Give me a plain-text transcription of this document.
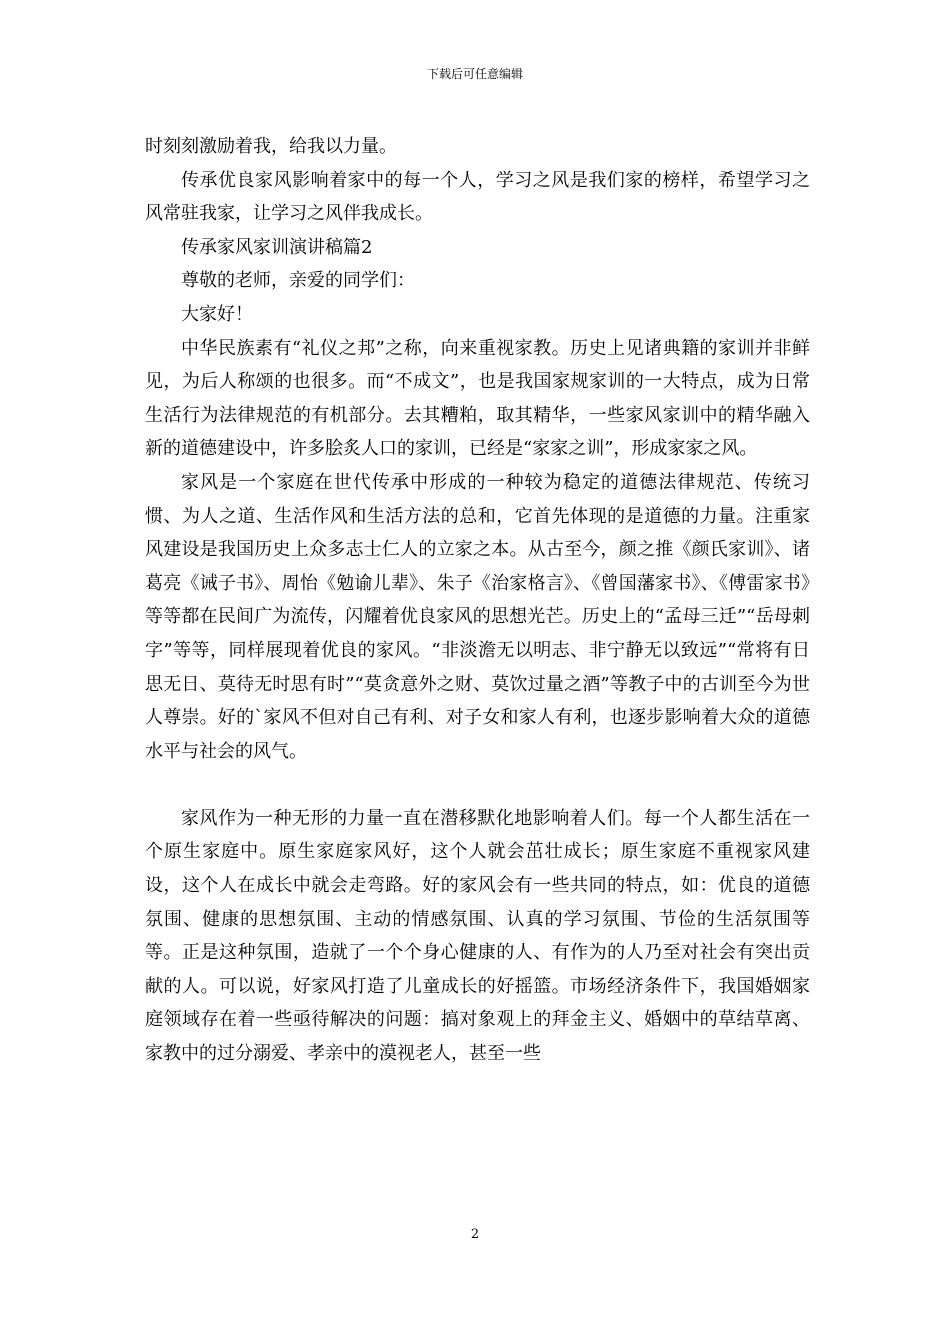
下载后可任意编辑

时刻刻激励着我，给我以力量。

传承优良家风影响着家中的每一个人，学习之风是我们家的榜样，希望学习之风常驻我家，让学习之风伴我成长。

传承家风家训演讲稿篇2

尊敬的老师，亲爱的同学们：

大家好！

中华民族素有“礼仪之邦”之称，向来重视家教。历史上见诸典籍的家训并非鲜见，为后人称颂的也很多。而“不成文”，也是我国家规家训的一大特点，成为日常生活行为法律规范的有机部分。去其糟粕，取其精华，一些家风家训中的精华融入新的道德建设中，许多脍炙人口的家训，已经是“家家之训”，形成家家之风。

家风是一个家庭在世代传承中形成的一种较为稳定的道德法律规范、传统习惯、为人之道、生活作风和生活方法的总和，它首先体现的是道德的力量。注重家风建设是我国历史上众多志士仁人的立家之本。从古至今，颜之推《颜氏家训》、诸葛亮《诫子书》、周怡《勉谕儿辈》、朱子《治家格言》、《曾国藩家书》、《傅雷家书》等等都在民间广为流传，闪耀着优良家风的思想光芒。历史上的“孟母三迁”“岳母刺字”等等，同样展现着优良的家风。“非淡澹无以明志、非宁静无以致远”“常将有日思无日、莫待无时思有时”“莫贪意外之财、莫饮过量之酒”等教子中的古训至今为世人尊崇。好的`家风不但对自己有利、对子女和家人有利，也逐步影响着大众的道德水平与社会的风气。

家风作为一种无形的力量一直在潜移默化地影响着人们。每一个人都生活在一个原生家庭中。原生家庭家风好，这个人就会茁壮成长；原生家庭不重视家风建设，这个人在成长中就会走弯路。好的家风会有一些共同的特点，如：优良的道德氛围、健康的思想氛围、主动的情感氛围、认真的学习氛围、节俭的生活氛围等等。正是这种氛围，造就了一个个身心健康的人、有作为的人乃至对社会有突出贡献的人。可以说，好家风打造了儿童成长的好摇篮。市场经济条件下，我国婚姻家庭领域存在着一些亟待解决的问题：搞对象观上的拜金主义、婚姻中的草结草离、家教中的过分溺爱、孝亲中的漠视老人，甚至一些

2
